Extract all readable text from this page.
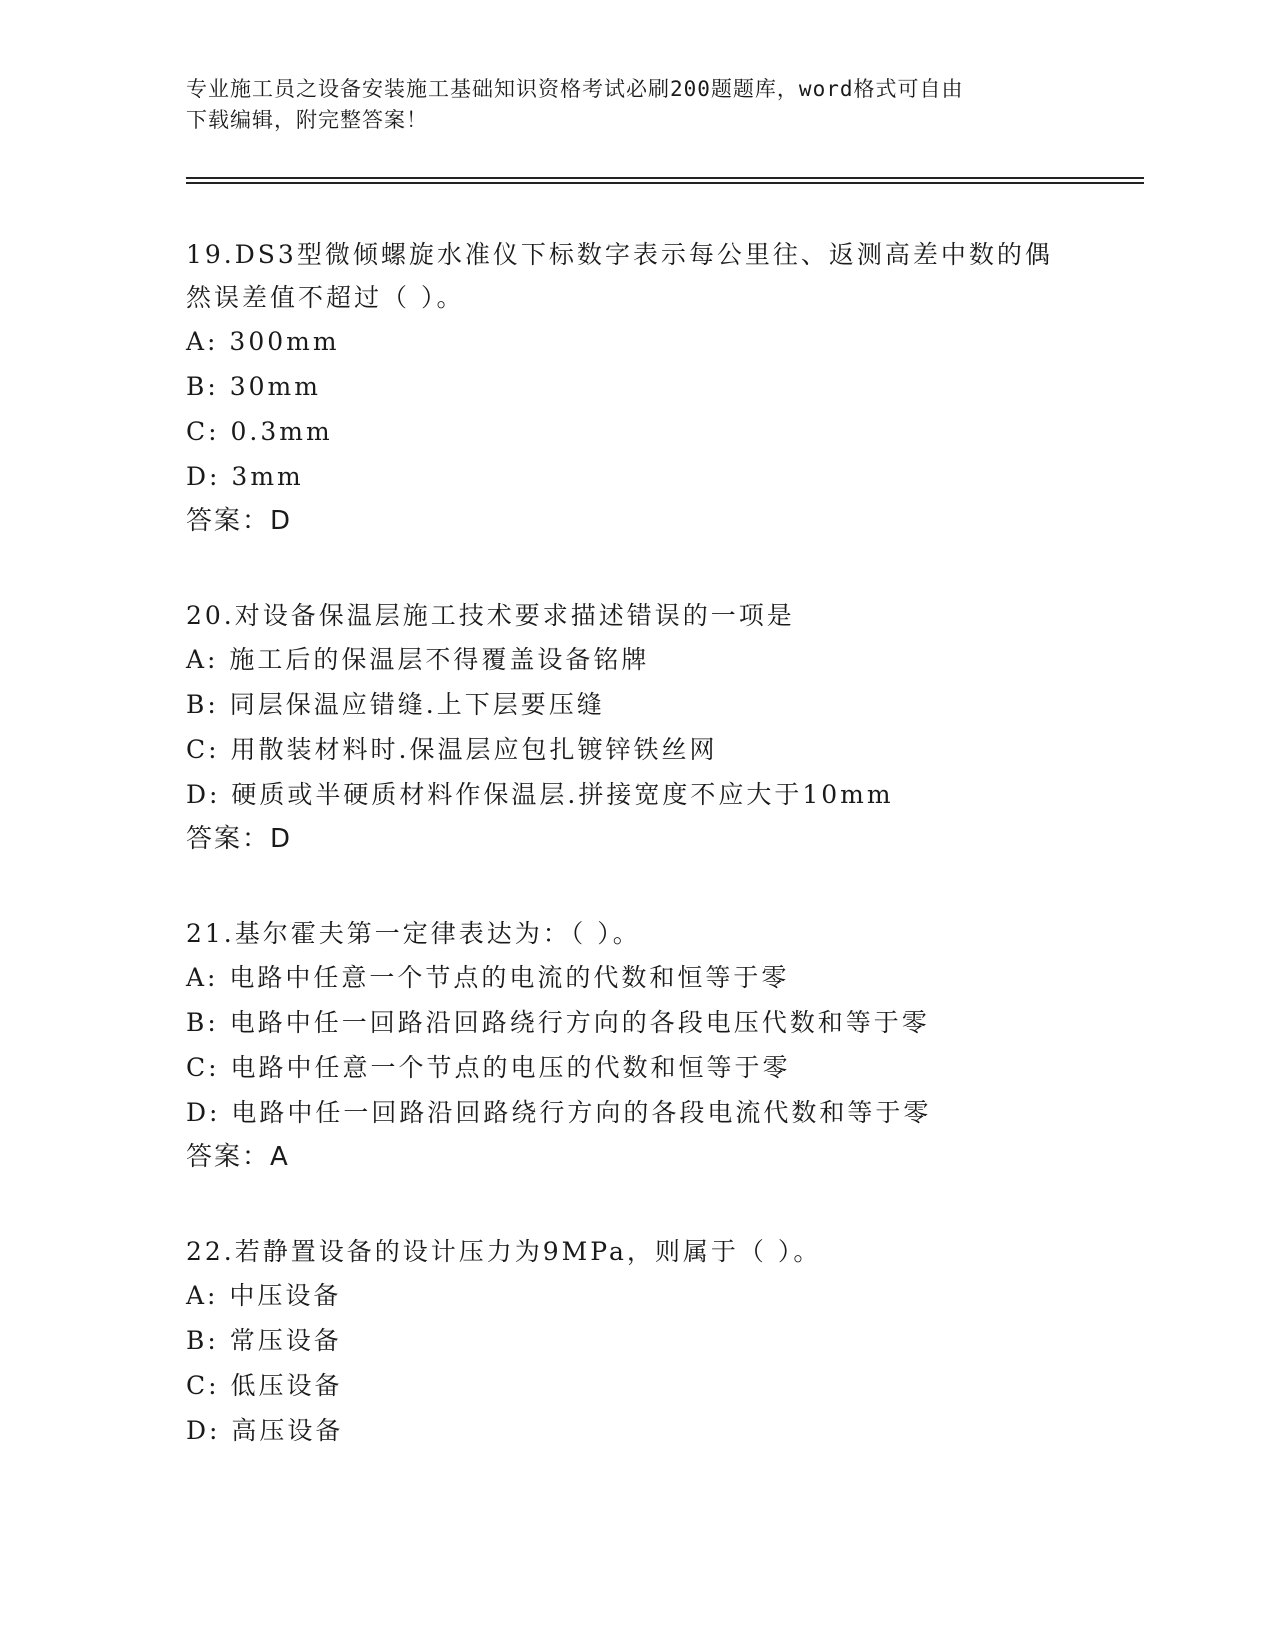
专业施工员之设备安装施工基础知识资格考试必刷200题题库，word格式可自由
下载编辑，附完整答案！

19.DS3型微倾螺旋水准仪下标数字表示每公里往、返测高差中数的偶

然误差值不超过（ ）。

A: 300mm

B: 30mm

C: 0.3mm

D: 3mm

答案：D

20.对设备保温层施工技术要求描述错误的一项是

A: 施工后的保温层不得覆盖设备铭牌

B: 同层保温应错缝.上下层要压缝

C: 用散装材料时.保温层应包扎镀锌铁丝网

D: 硬质或半硬质材料作保温层.拼接宽度不应大于10mm

答案：D

21.基尔霍夫第一定律表达为：（ ）。

A: 电路中任意一个节点的电流的代数和恒等于零

B: 电路中任一回路沿回路绕行方向的各段电压代数和等于零

C: 电路中任意一个节点的电压的代数和恒等于零

D: 电路中任一回路沿回路绕行方向的各段电流代数和等于零

答案：A

22.若静置设备的设计压力为9MPa，则属于（ ）。

A: 中压设备

B: 常压设备

C: 低压设备

D: 高压设备
